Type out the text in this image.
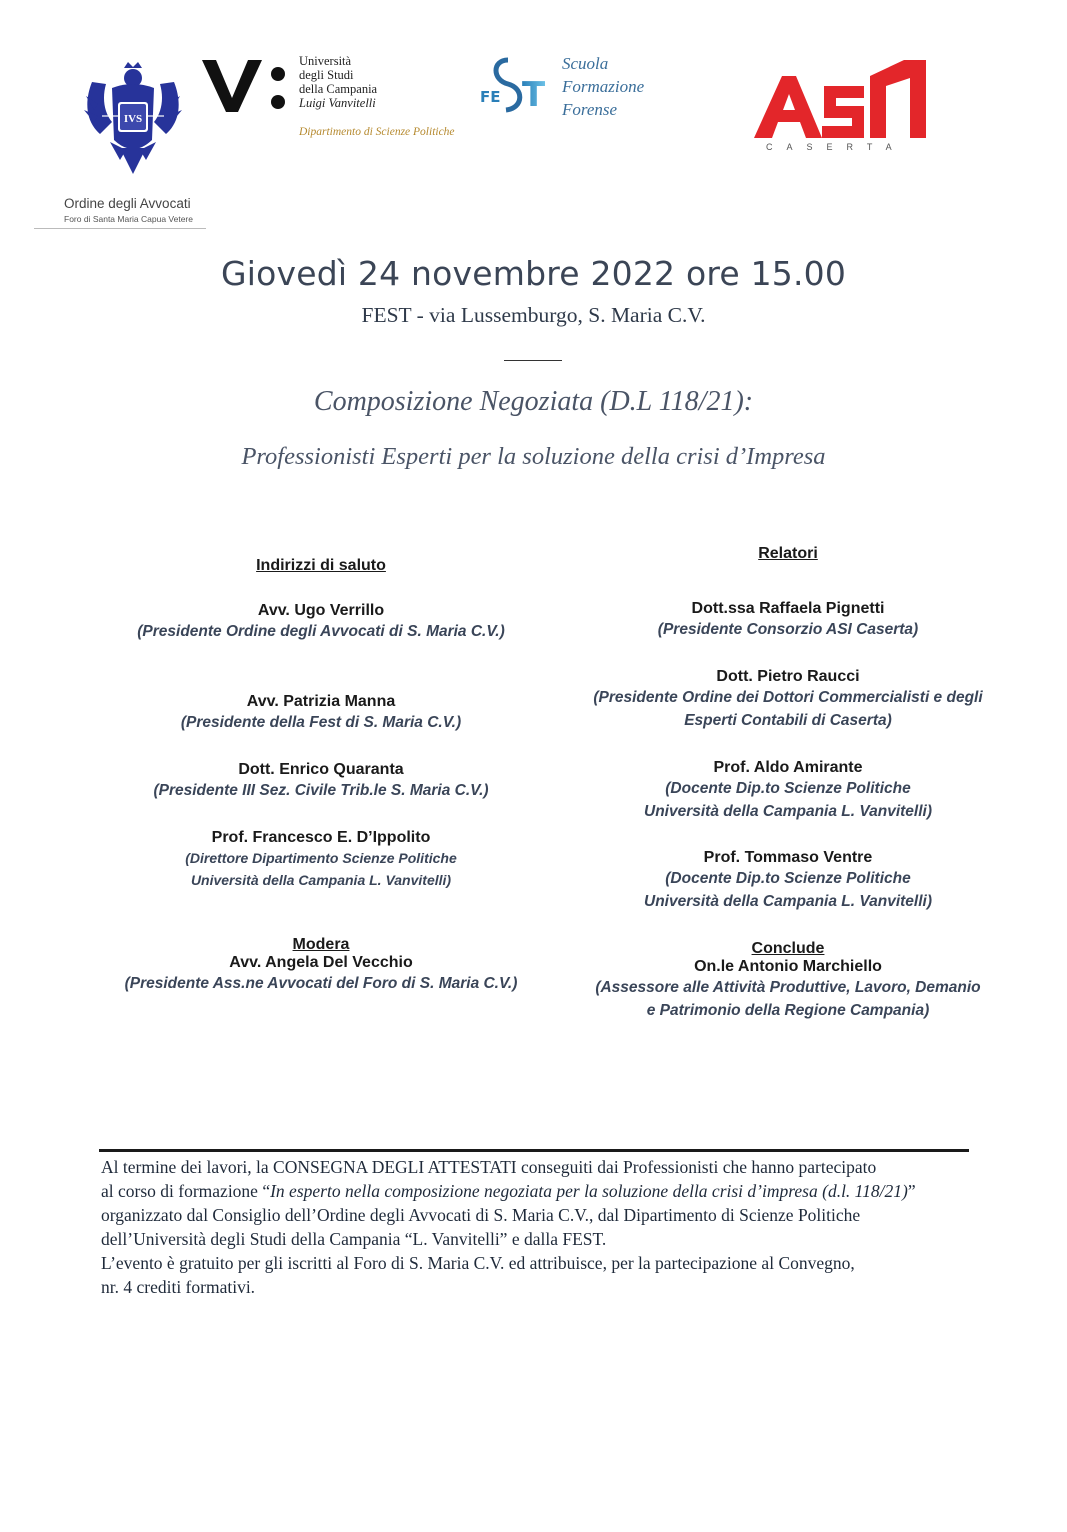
IVS
Ordine degli Avvocati
Foro di Santa Maria Capua Vetere
Università
degli Studi
della Campania
Luigi Vanvitelli
Dipartimento di Scienze Politiche
FE T
Scuola
Formazione
Forense
CASERTA
Giovedì 24 novembre 2022 ore 15.00
FEST - via Lussemburgo, S. Maria C.V.
Composizione Negoziata (D.L 118/21):
Professionisti Esperti per la soluzione della crisi d’Impresa
Indirizzi di saluto
Avv. Ugo Verrillo
(Presidente Ordine degli Avvocati di S. Maria C.V.)
Avv. Patrizia Manna
(Presidente della Fest di S. Maria C.V.)
Dott. Enrico Quaranta
(Presidente III Sez. Civile Trib.le S. Maria C.V.)
Prof. Francesco E. D’Ippolito
(Direttore Dipartimento Scienze Politiche
Università della Campania L. Vanvitelli)
Modera
Avv. Angela Del Vecchio
(Presidente Ass.ne Avvocati del Foro di S. Maria C.V.)
Relatori
Dott.ssa Raffaela Pignetti
(Presidente Consorzio ASI Caserta)
Dott. Pietro Raucci
(Presidente Ordine dei Dottori Commercialisti e degli
Esperti Contabili di Caserta)
Prof. Aldo Amirante
(Docente Dip.to Scienze Politiche
Università della Campania L. Vanvitelli)
Prof. Tommaso Ventre
(Docente Dip.to Scienze Politiche
Università della Campania L. Vanvitelli)
Conclude
On.le Antonio Marchiello
(Assessore alle Attività Produttive, Lavoro, Demanio
e Patrimonio della Regione Campania)

Al termine dei lavori, la CONSEGNA DEGLI ATTESTATI conseguiti dai Professionisti che hanno partecipato

al corso di formazione “In esperto nella composizione negoziata per la soluzione della crisi d’impresa (d.l. 118/21)”

organizzato dal Consiglio dell’Ordine degli Avvocati di S. Maria C.V., dal Dipartimento di Scienze Politiche

dell’Università degli Studi della Campania “L. Vanvitelli” e dalla FEST.

L’evento è gratuito per gli iscritti al Foro di S. Maria C.V. ed attribuisce, per la partecipazione al Convegno,

nr. 4 crediti formativi.
